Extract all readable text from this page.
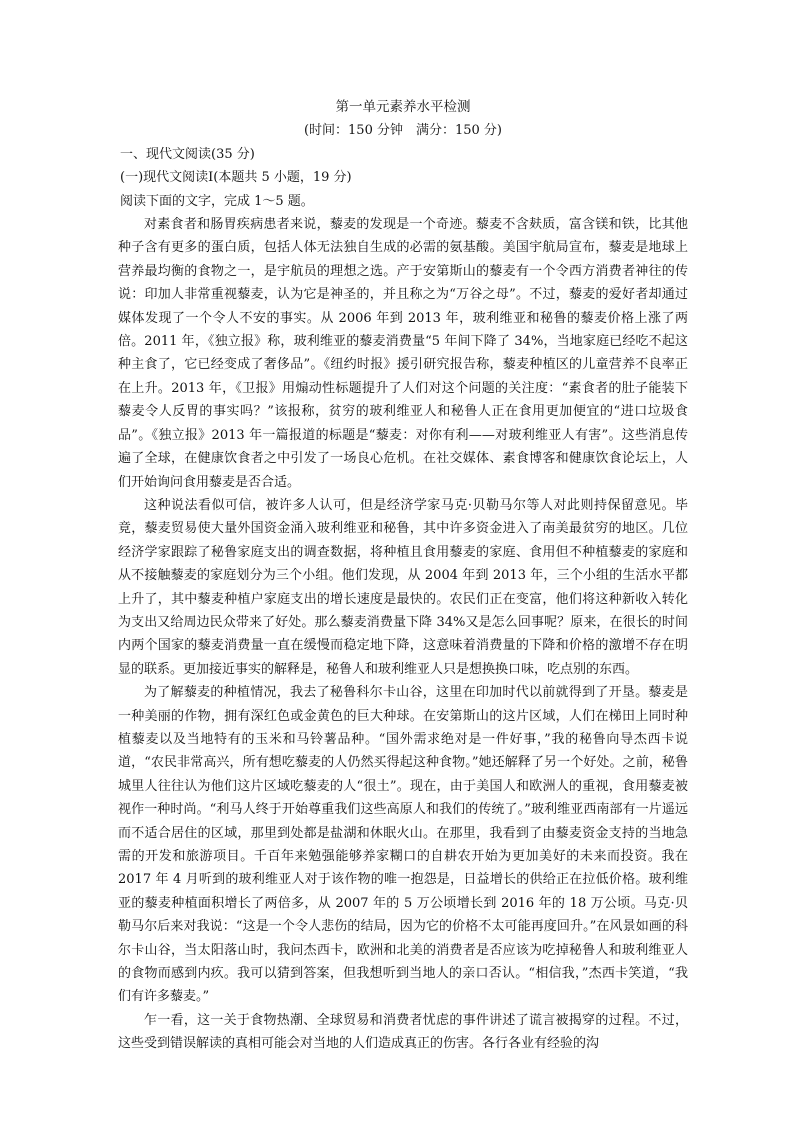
第一单元素养水平检测

(时间：150 分钟　满分：150 分)

一、现代文阅读(35 分)

(一)现代文阅读Ⅰ(本题共 5 小题，19 分)

阅读下面的文字，完成 1～5 题。

对素食者和肠胃疾病患者来说，藜麦的发现是一个奇迹。藜麦不含麸质，富含镁和铁，比其他种子含有更多的蛋白质，包括人体无法独自生成的必需的氨基酸。美国宇航局宣布，藜麦是地球上营养最均衡的食物之一，是宇航员的理想之选。产于安第斯山的藜麦有一个令西方消费者神往的传说：印加人非常重视藜麦，认为它是神圣的，并且称之为“万谷之母”。不过，藜麦的爱好者却通过媒体发现了一个令人不安的事实。从 2006 年到 2013 年，玻利维亚和秘鲁的藜麦价格上涨了两倍。2011 年，《独立报》称，玻利维亚的藜麦消费量“5 年间下降了 34%，当地家庭已经吃不起这种主食了，它已经变成了奢侈品”。《纽约时报》援引研究报告称，藜麦种植区的儿童营养不良率正在上升。2013 年，《卫报》用煽动性标题提升了人们对这个问题的关注度：“素食者的肚子能装下藜麦令人反胃的事实吗？”该报称，贫穷的玻利维亚人和秘鲁人正在食用更加便宜的“进口垃圾食品”。《独立报》2013 年一篇报道的标题是“藜麦：对你有利——对玻利维亚人有害”。这些消息传遍了全球，在健康饮食者之中引发了一场良心危机。在社交媒体、素食博客和健康饮食论坛上，人们开始询问食用藜麦是否合适。

这种说法看似可信，被许多人认可，但是经济学家马克·贝勒马尔等人对此则持保留意见。毕竟，藜麦贸易使大量外国资金涌入玻利维亚和秘鲁，其中许多资金进入了南美最贫穷的地区。几位经济学家跟踪了秘鲁家庭支出的调查数据，将种植且食用藜麦的家庭、食用但不种植藜麦的家庭和从不接触藜麦的家庭划分为三个小组。他们发现，从 2004 年到 2013 年，三个小组的生活水平都上升了，其中藜麦种植户家庭支出的增长速度是最快的。农民们正在变富，他们将这种新收入转化为支出又给周边民众带来了好处。那么藜麦消费量下降 34%又是怎么回事呢？原来，在很长的时间内两个国家的藜麦消费量一直在缓慢而稳定地下降，这意味着消费量的下降和价格的激增不存在明显的联系。更加接近事实的解释是，秘鲁人和玻利维亚人只是想换换口味，吃点别的东西。

为了解藜麦的种植情况，我去了秘鲁科尔卡山谷，这里在印加时代以前就得到了开垦。藜麦是一种美丽的作物，拥有深红色或金黄色的巨大种球。在安第斯山的这片区域，人们在梯田上同时种植藜麦以及当地特有的玉米和马铃薯品种。“国外需求绝对是一件好事，”我的秘鲁向导杰西卡说道，“农民非常高兴，所有想吃藜麦的人仍然买得起这种食物。”她还解释了另一个好处。之前，秘鲁城里人往往认为他们这片区域吃藜麦的人“很土”。现在，由于美国人和欧洲人的重视，食用藜麦被视作一种时尚。“利马人终于开始尊重我们这些高原人和我们的传统了。”玻利维亚西南部有一片遥远而不适合居住的区域，那里到处都是盐湖和休眠火山。在那里，我看到了由藜麦资金支持的当地急需的开发和旅游项目。千百年来勉强能够养家糊口的自耕农开始为更加美好的未来而投资。我在 2017 年 4 月听到的玻利维亚人对于该作物的唯一抱怨是，日益增长的供给正在拉低价格。玻利维亚的藜麦种植面积增长了两倍多，从 2007 年的 5 万公顷增长到 2016 年的 18 万公顷。马克·贝勒马尔后来对我说：“这是一个令人悲伤的结局，因为它的价格不太可能再度回升。”在风景如画的科尔卡山谷，当太阳落山时，我问杰西卡，欧洲和北美的消费者是否应该为吃掉秘鲁人和玻利维亚人的食物而感到内疚。我可以猜到答案，但我想听到当地人的亲口否认。“相信我，”杰西卡笑道，“我们有许多藜麦。”

乍一看，这一关于食物热潮、全球贸易和消费者忧虑的事件讲述了谎言被揭穿的过程。不过，这些受到错误解读的真相可能会对当地的人们造成真正的伤害。各行各业有经验的沟
